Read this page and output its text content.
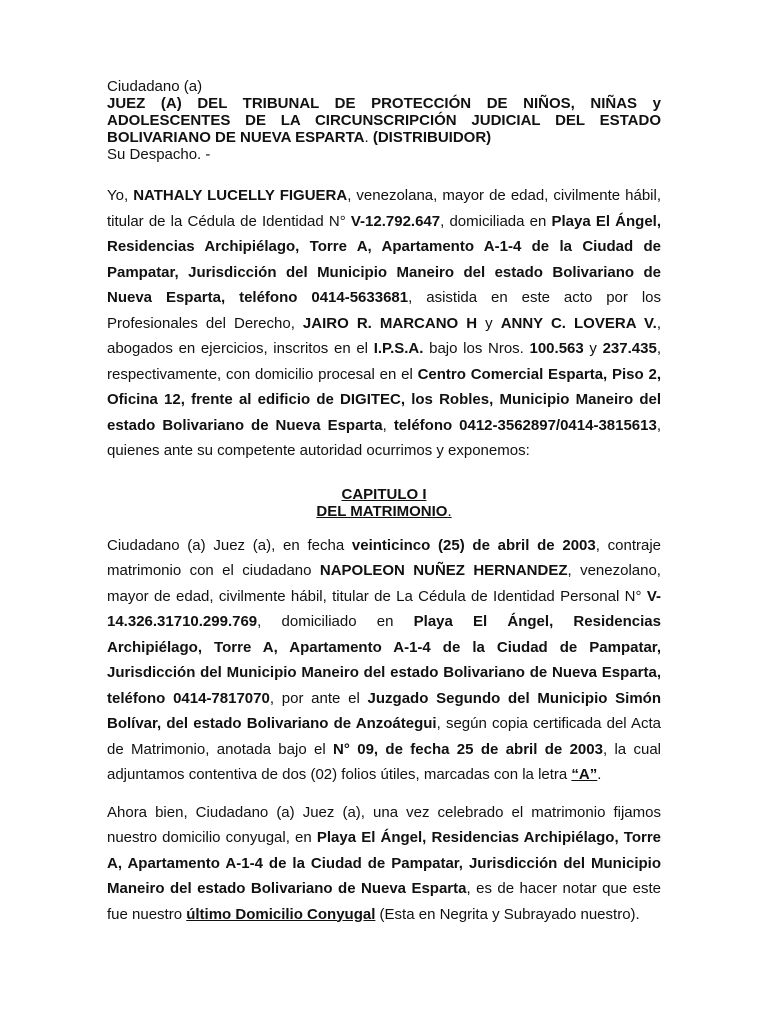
Ciudadano (a)
JUEZ (A) DEL TRIBUNAL DE PROTECCIÓN DE NIÑOS, NIÑAS y
ADOLESCENTES DE LA CIRCUNSCRIPCIÓN JUDICIAL DEL ESTADO
BOLIVARIANO DE NUEVA ESPARTA. (DISTRIBUIDOR)
Su Despacho. -

Yo, NATHALY LUCELLY FIGUERA, venezolana, mayor de edad, civilmente hábil, titular de la Cédula de Identidad N° V-12.792.647, domiciliada en Playa El Ángel, Residencias Archipiélago, Torre A, Apartamento A-1-4 de la Ciudad de Pampatar, Jurisdicción del Municipio Maneiro del estado Bolivariano de Nueva Esparta, teléfono 0414-5633681, asistida en este acto por los Profesionales del Derecho, JAIRO R. MARCANO H y ANNY C. LOVERA V., abogados en ejercicios, inscritos en el I.P.S.A. bajo los Nros. 100.563 y 237.435, respectivamente, con domicilio procesal en el Centro Comercial Esparta, Piso 2, Oficina 12, frente al edificio de DIGITEC, los Robles, Municipio Maneiro del estado Bolivariano de Nueva Esparta, teléfono 0412-3562897/0414-3815613, quienes ante su competente autoridad ocurrimos y exponemos:

CAPITULO I
DEL MATRIMONIO.

Ciudadano (a) Juez (a), en fecha veinticinco (25) de abril de 2003, contraje matrimonio con el ciudadano NAPOLEON NUÑEZ HERNANDEZ, venezolano, mayor de edad, civilmente hábil, titular de La Cédula de Identidad Personal N° V-14.326.31710.299.769, domiciliado en Playa El Ángel, Residencias Archipiélago, Torre A, Apartamento A-1-4 de la Ciudad de Pampatar, Jurisdicción del Municipio Maneiro del estado Bolivariano de Nueva Esparta, teléfono 0414-7817070, por ante el Juzgado Segundo del Municipio Simón Bolívar, del estado Bolivariano de Anzoátegui, según copia certificada del Acta de Matrimonio, anotada bajo el N° 09, de fecha 25 de abril de 2003, la cual adjuntamos contentiva de dos (02) folios útiles, marcadas con la letra “A”.

Ahora bien, Ciudadano (a) Juez (a), una vez celebrado el matrimonio fijamos nuestro domicilio conyugal, en Playa El Ángel, Residencias Archipiélago, Torre A, Apartamento A-1-4 de la Ciudad de Pampatar, Jurisdicción del Municipio Maneiro del estado Bolivariano de Nueva Esparta, es de hacer notar que este fue nuestro último Domicilio Conyugal (Esta en Negrita y Subrayado nuestro).
